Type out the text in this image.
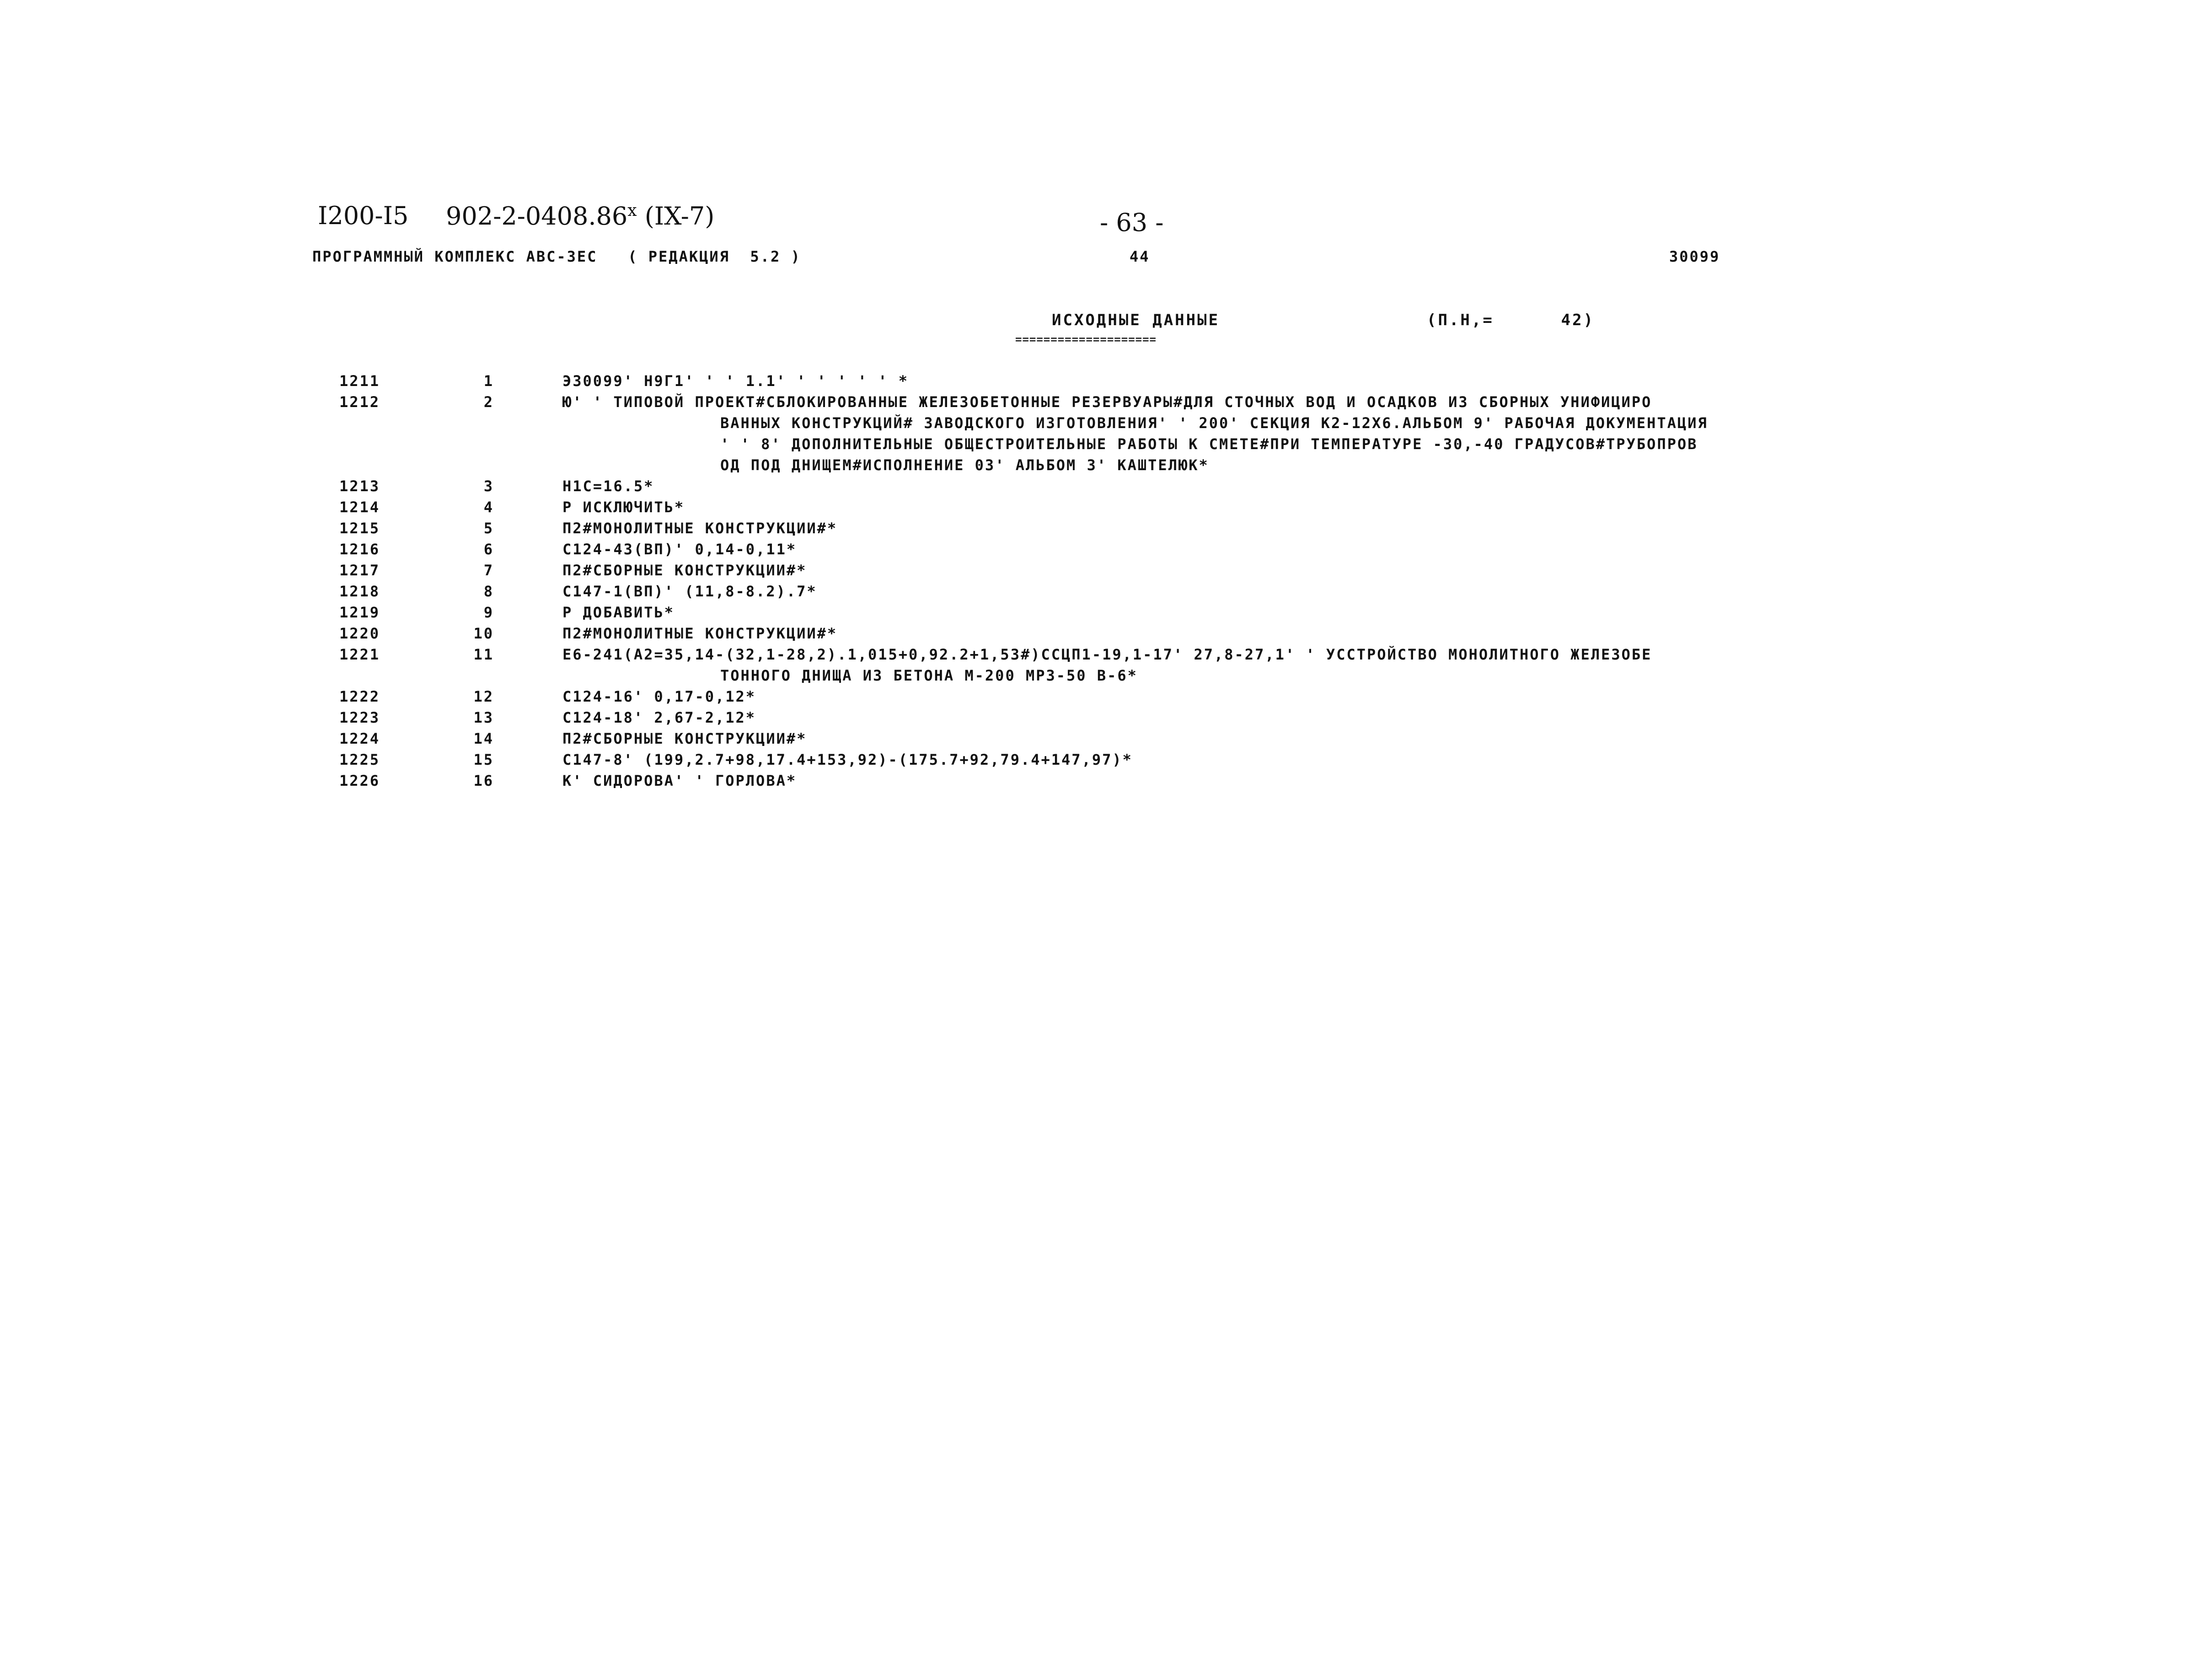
I200-I5 902-2-0408.86$^x$ (IX-7)	- 63 -
ПРОГРАММНЫЙ КОМПЛЕКС АВС-ЗЕС   ( РЕДАКЦИЯ  5.2 )	44	30099
ИСХОДНЫЕ ДАННЫЕ
====================
(П.Н,=      42)
1211	1	Э30099' Н9Г1' ' ' 1.1' ' ' ' ' ' *
1212	2	Ю' ' ТИПОВОЙ ПРОЕКТ#СБЛОКИРОВАННЫЕ ЖЕЛЕЗОБЕТОННЫЕ РЕЗЕРВУАРЫ#ДЛЯ СТОЧНЫХ ВОД И ОСАДКОВ ИЗ СБОРНЫХ УНИФИЦИРО
ВАННЫХ КОНСТРУКЦИЙ# ЗАВОДСКОГО ИЗГОТОВЛЕНИЯ' ' 200' СЕКЦИЯ К2-12Х6.АЛЬБОМ 9' РАБОЧАЯ ДОКУМЕНТАЦИЯ
' ' 8' ДОПОЛНИТЕЛЬНЫЕ ОБЩЕСТРОИТЕЛЬНЫЕ РАБОТЫ К СМЕТЕ#ПРИ ТЕМПЕРАТУРЕ -30,-40 ГРАДУСОВ#ТРУБОПРОВ
ОД ПОД ДНИЩЕМ#ИСПОЛНЕНИЕ 03' АЛЬБОМ 3' КАШТЕЛЮК*
1213	3	Н1С=16.5*
1214	4	Р ИСКЛЮЧИТЬ*
1215	5	П2#МОНОЛИТНЫЕ КОНСТРУКЦИИ#*
1216	6	С124-43(ВП)' 0,14-0,11*
1217	7	П2#СБОРНЫЕ КОНСТРУКЦИИ#*
1218	8	С147-1(ВП)' (11,8-8.2).7*
1219	9	Р ДОБАВИТЬ*
1220	10	П2#МОНОЛИТНЫЕ КОНСТРУКЦИИ#*
1221	11	Е6-241(А2=35,14-(32,1-28,2).1,015+0,92.2+1,53#)ССЦП1-19,1-17' 27,8-27,1' ' УССТРОЙСТВО МОНОЛИТНОГО ЖЕЛЕЗОБЕ
ТОННОГО ДНИЩА ИЗ БЕТОНА М-200 МРЗ-50 В-6*
1222	12	С124-16' 0,17-0,12*
1223	13	С124-18' 2,67-2,12*
1224	14	П2#СБОРНЫЕ КОНСТРУКЦИИ#*
1225	15	С147-8' (199,2.7+98,17.4+153,92)-(175.7+92,79.4+147,97)*
1226	16	К' СИДОРОВА' ' ГОРЛОВА*
